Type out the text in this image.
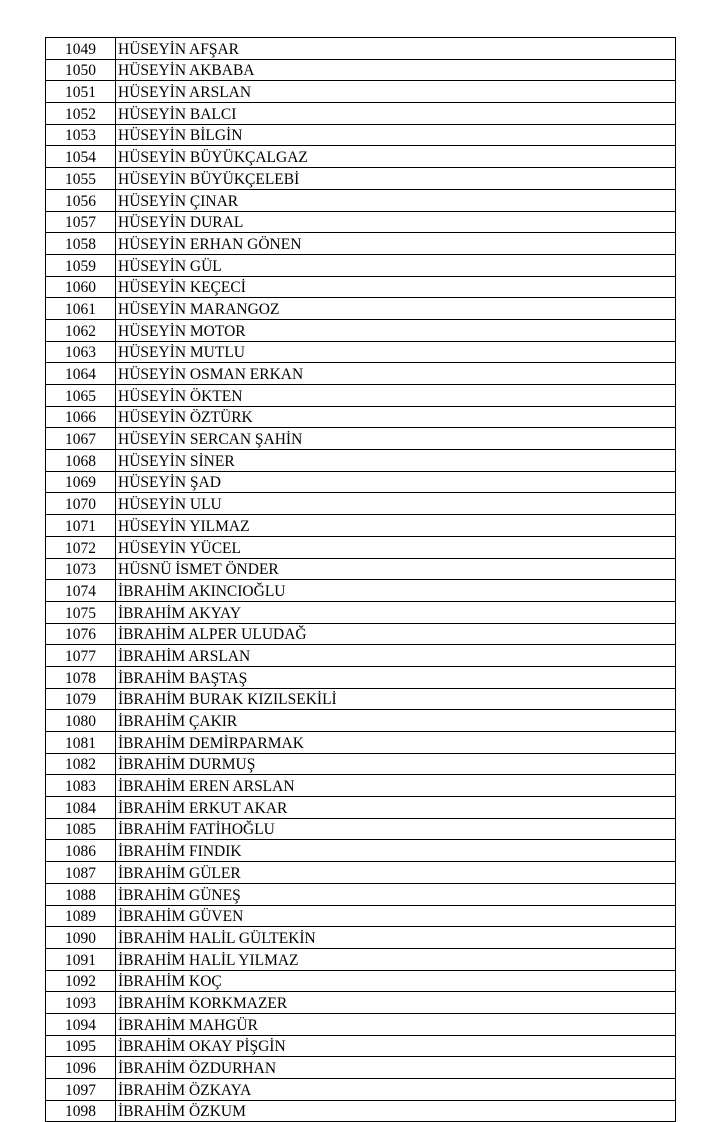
1049	HÜSEYİN AFŞAR
1050	HÜSEYİN AKBABA
1051	HÜSEYİN ARSLAN
1052	HÜSEYİN BALCI
1053	HÜSEYİN BİLGİN
1054	HÜSEYİN BÜYÜKÇALGAZ
1055	HÜSEYİN BÜYÜKÇELEBİ
1056	HÜSEYİN ÇINAR
1057	HÜSEYİN DURAL
1058	HÜSEYİN ERHAN GÖNEN
1059	HÜSEYİN GÜL
1060	HÜSEYİN KEÇECİ
1061	HÜSEYİN MARANGOZ
1062	HÜSEYİN MOTOR
1063	HÜSEYİN MUTLU
1064	HÜSEYİN OSMAN ERKAN
1065	HÜSEYİN ÖKTEN
1066	HÜSEYİN ÖZTÜRK
1067	HÜSEYİN SERCAN ŞAHİN
1068	HÜSEYİN SİNER
1069	HÜSEYİN ŞAD
1070	HÜSEYİN ULU
1071	HÜSEYİN YILMAZ
1072	HÜSEYİN YÜCEL
1073	HÜSNÜ İSMET ÖNDER
1074	İBRAHİM AKINCIOĞLU
1075	İBRAHİM AKYAY
1076	İBRAHİM ALPER ULUDAĞ
1077	İBRAHİM ARSLAN
1078	İBRAHİM BAŞTAŞ
1079	İBRAHİM BURAK KIZILSEKİLİ
1080	İBRAHİM ÇAKIR
1081	İBRAHİM DEMİRPARMAK
1082	İBRAHİM DURMUŞ
1083	İBRAHİM EREN ARSLAN
1084	İBRAHİM ERKUT AKAR
1085	İBRAHİM FATİHOĞLU
1086	İBRAHİM FINDIK
1087	İBRAHİM GÜLER
1088	İBRAHİM GÜNEŞ
1089	İBRAHİM GÜVEN
1090	İBRAHİM HALİL GÜLTEKİN
1091	İBRAHİM HALİL YILMAZ
1092	İBRAHİM KOÇ
1093	İBRAHİM KORKMAZER
1094	İBRAHİM MAHGÜR
1095	İBRAHİM OKAY PİŞGİN
1096	İBRAHİM ÖZDURHAN
1097	İBRAHİM ÖZKAYA
1098	İBRAHİM ÖZKUM
